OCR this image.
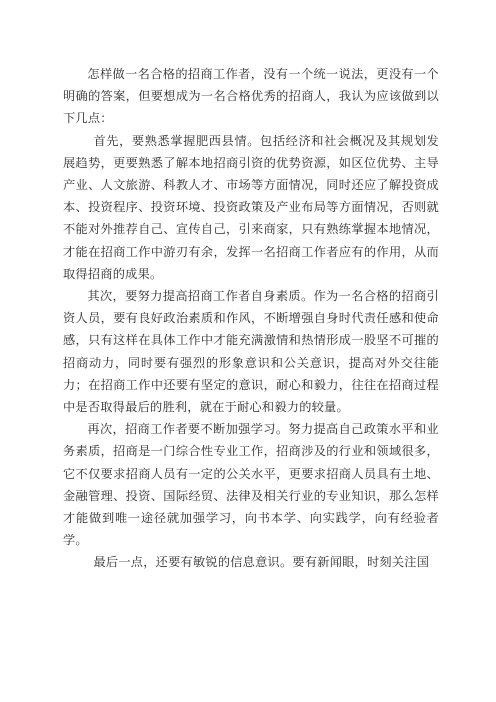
怎样做一名合格的招商工作者，没有一个统一说法，更没有一个明确的答案，但要想成为一名合格优秀的招商人，我认为应该做到以下几点：

首先，要熟悉掌握肥西县情。包括经济和社会概况及其规划发展趋势，更要熟悉了解本地招商引资的优势资源，如区位优势、主导产业、人文旅游、科教人才、市场等方面情况，同时还应了解投资成本、投资程序、投资环境、投资政策及产业布局等方面情况，否则就不能对外推荐自己、宣传自己，引来商家，只有熟练掌握本地情况，才能在招商工作中游刃有余，发挥一名招商工作者应有的作用，从而取得招商的成果。

其次，要努力提高招商工作者自身素质。作为一名合格的招商引资人员，要有良好政治素质和作风，不断增强自身时代责任感和使命感，只有这样在具体工作中才能充满激情和热情形成一股坚不可摧的招商动力，同时要有强烈的形象意识和公关意识，提高对外交往能力；在招商工作中还要有坚定的意识，耐心和毅力，往往在招商过程中是否取得最后的胜利，就在于耐心和毅力的较量。

再次，招商工作者要不断加强学习。努力提高自己政策水平和业务素质，招商是一门综合性专业工作，招商涉及的行业和领域很多，它不仅要求招商人员有一定的公关水平，更要求招商人员具有土地、金融管理、投资、国际经贸、法律及相关行业的专业知识，那么怎样才能做到唯一途径就加强学习，向书本学、向实践学，向有经验者学。

最后一点，还要有敏锐的信息意识。要有新闻眼，时刻关注国
